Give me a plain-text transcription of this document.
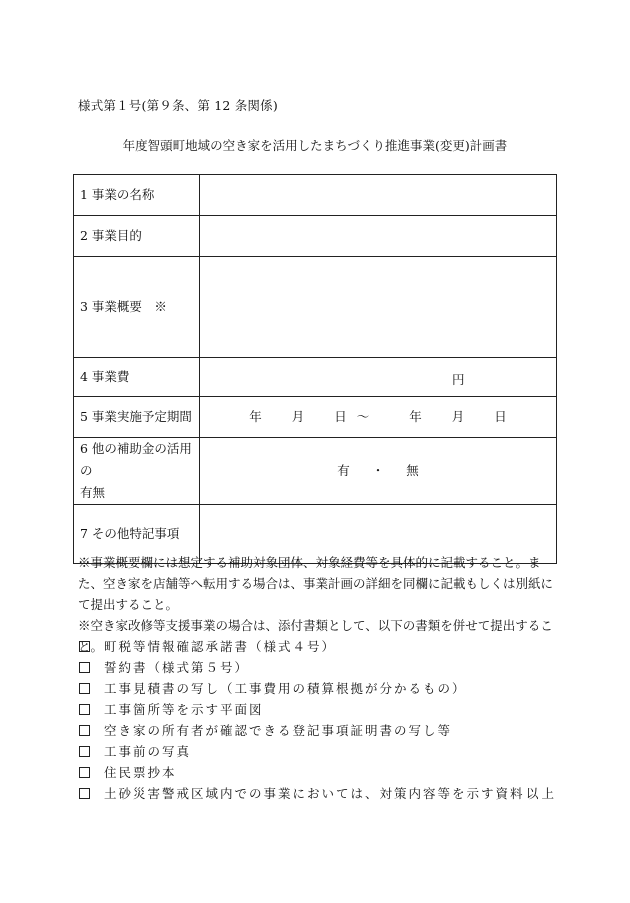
様式第１号(第９条、第 12 条関係)
年度智頭町地域の空き家を活用したまちづくり推進事業(変更)計画書
1 事業の名称	
2 事業目的	
3 事業概要　※	
4 事業費	円

5 事業実施予定期間	年 月 日 ～ 年 月 日

6 他の補助金の活用の
有無	有 ・ 無
7 その他特記事項	

※事業概要欄には想定する補助対象団体、対象経費等を具体的に記載すること。また、空き家を店舗等へ転用する場合は、事業計画の詳細を同欄に記載もしくは別紙にて提出すること。

※空き家改修等支援事業の場合は、添付書類として、以下の書類を併せて提出すること。 町税等情報確認承諾書（様式４号）
誓約書（様式第５号）
工事見積書の写し（工事費用の積算根拠が分かるもの）
工事箇所等を示す平面図
空き家の所有者が確認できる登記事項証明書の写し等
工事前の写真
住民票抄本
土砂災害警戒区域内での事業においては、対策内容等を示す資料 以上
